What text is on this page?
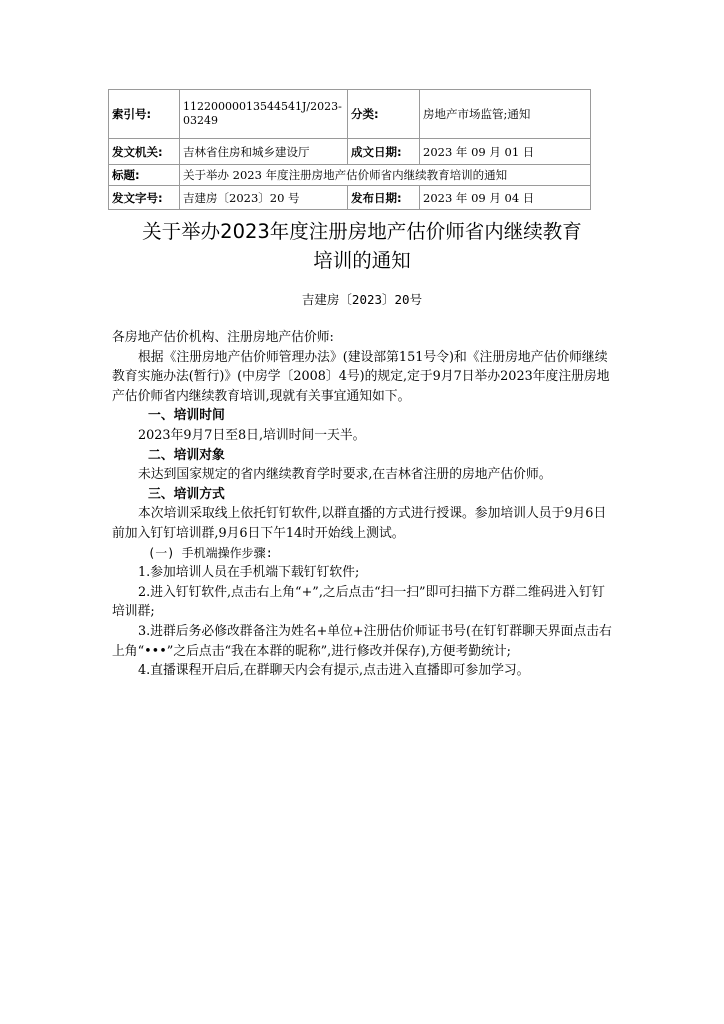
索引号:	11220000013544541J/2023-03249	分类:	房地产市场监管;通知
发文机关:	吉林省住房和城乡建设厅	成文日期:	2023 年 09 月 01 日
标题:	关于举办 2023 年度注册房地产估价师省内继续教育培训的通知		
发文字号:	吉建房〔2023〕20 号	发布日期:	2023 年 09 月 04 日
关于举办2023年度注册房地产估价师省内继续教育
培训的通知
吉建房〔2023〕20号

各房地产估价机构、注册房地产估价师:

根据《注册房地产估价师管理办法》(建设部第151号令)和《注册房地产估价师继续教育实施办法(暂行)》(中房学〔2008〕4号)的规定,定于9月7日举办2023年度注册房地产估价师省内继续教育培训,现就有关事宜通知如下。

一、培训时间

2023年9月7日至8日,培训时间一天半。

二、培训对象

未达到国家规定的省内继续教育学时要求,在吉林省注册的房地产估价师。

三、培训方式

本次培训采取线上依托钉钉软件,以群直播的方式进行授课。参加培训人员于9月6日前加入钉钉培训群,9月6日下午14时开始线上测试。

(一) 手机端操作步骤:

1.参加培训人员在手机端下载钉钉软件;

2.进入钉钉软件,点击右上角“+”,之后点击“扫一扫”即可扫描下方群二维码进入钉钉培训群;

3.进群后务必修改群备注为姓名+单位+注册估价师证书号(在钉钉群聊天界面点击右上角“•••”之后点击“我在本群的昵称”,进行修改并保存),方便考勤统计;

4.直播课程开启后,在群聊天内会有提示,点击进入直播即可参加学习。
